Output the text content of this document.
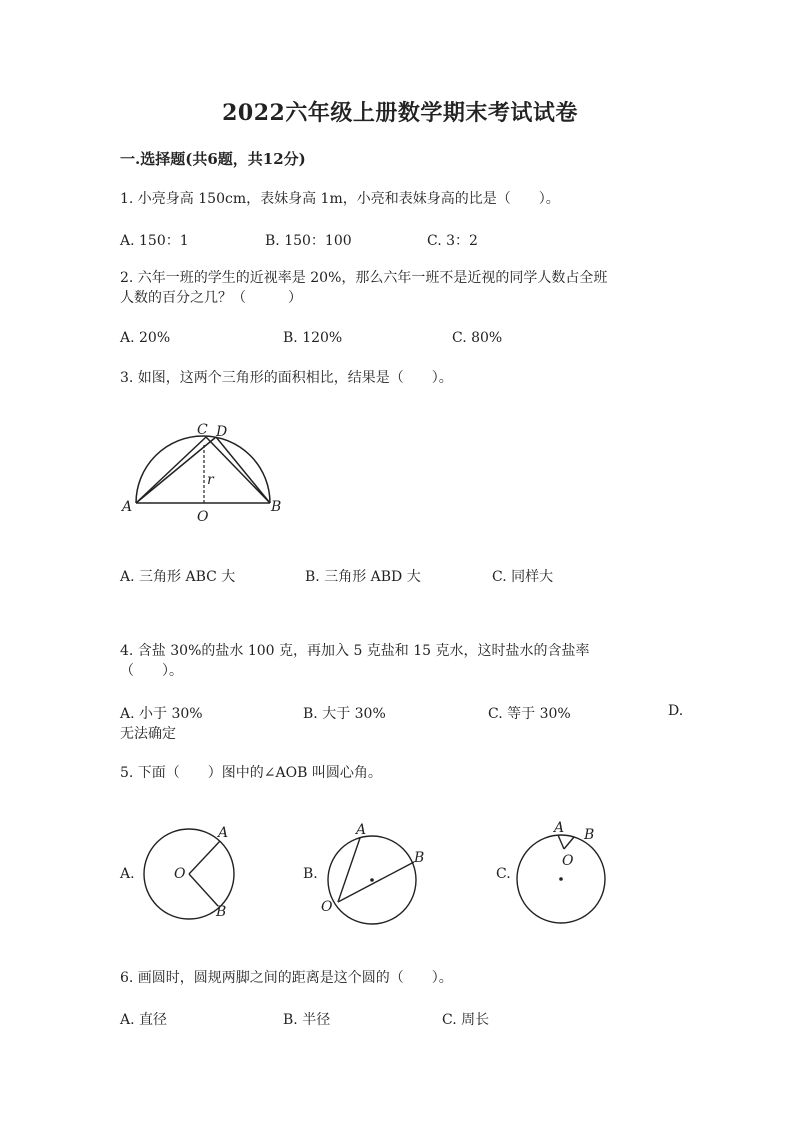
2022六年级上册数学期末考试试卷
一.选择题(共6题，共12分)
1. 小亮身高 150cm，表妹身高 1m，小亮和表妹身高的比是（　　）。
A. 150：1	B. 150：100	C. 3：2
2. 六年一班的学生的近视率是 20%，那么六年一班不是近视的同学人数占全班
人数的百分之几？（　　　）
A. 20%	B. 120%	C. 80%
3. 如图，这两个三角形的面积相比，结果是（　　）。
A	B
C D
O
r
A. 三角形 ABC 大	B. 三角形 ABD 大	C. 同样大
4. 含盐 30%的盐水 100 克，再加入 5 克盐和 15 克水，这时盐水的含盐率
（　　）。
A. 小于 30%	B. 大于 30%	C. 等于 30%	D.
无法确定
5. 下面（　　）图中的∠AOB 叫圆心角。
A.
A
B
O	B.
A
B
O
C.
A B
O
6. 画圆时，圆规两脚之间的距离是这个圆的（　　）。
A. 直径	B. 半径	C. 周长
